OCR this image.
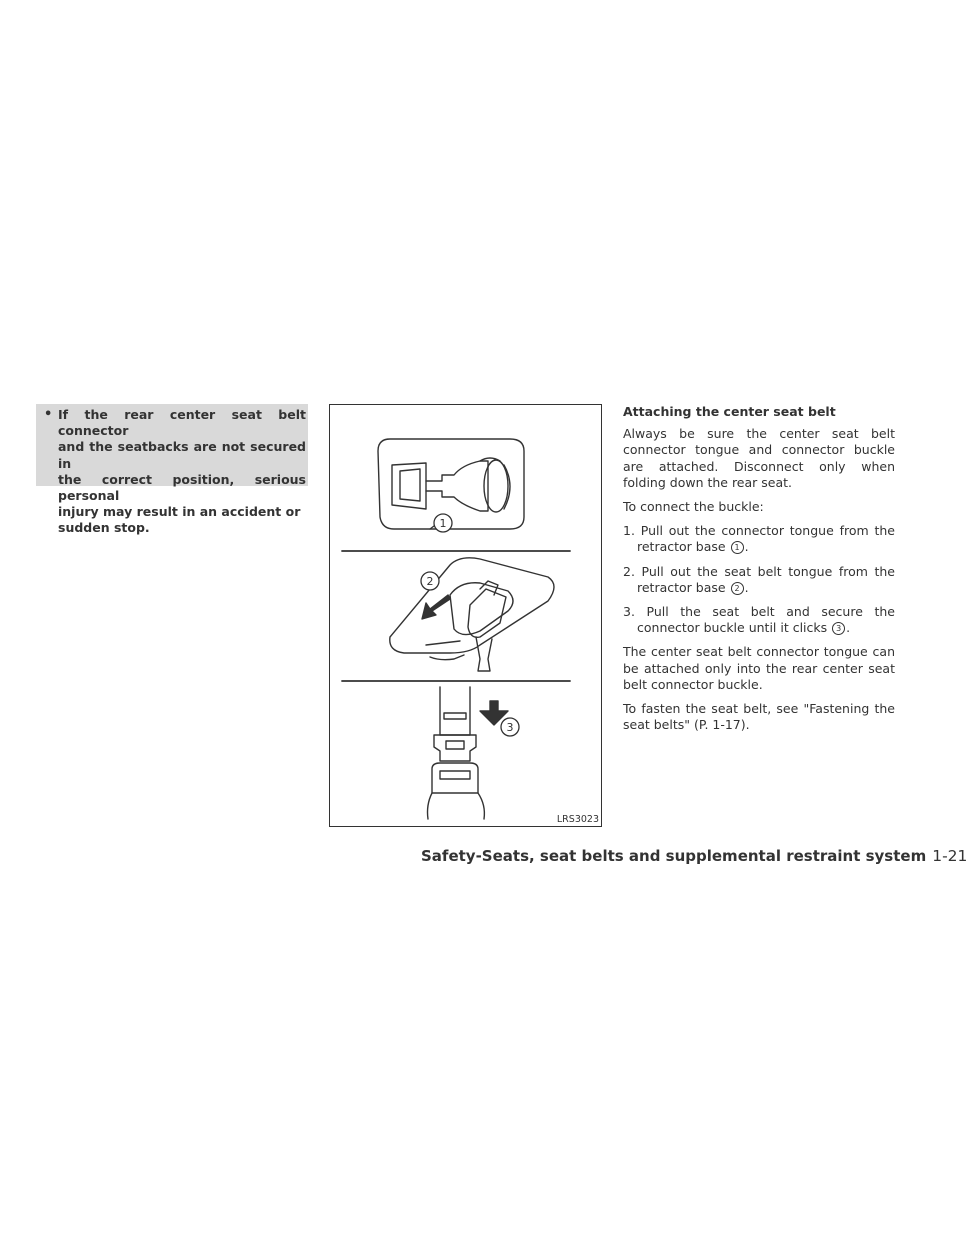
• If the rear center seat belt connector
and the seatbacks are not secured in
the correct position, serious personal
injury may result in an accident or
sudden stop.	1
2
3
LRS3023

Attaching the center seat belt

Always be sure the center seat belt connector tongue and connector buckle are attached. Disconnect only when folding down the rear seat.

To connect the buckle:

1. Pull out the connector tongue from the retractor base 1 .

2. Pull out the seat belt tongue from the retractor base 2 .

3. Pull the seat belt and secure the connector buckle until it clicks 3 .

The center seat belt connector tongue can be attached only into the rear center seat belt connector buckle.

To fasten the seat belt, see "Fastening the seat belts" (P. 1-17).

Safety-Seats, seat belts and supplemental restraint system 1-21
